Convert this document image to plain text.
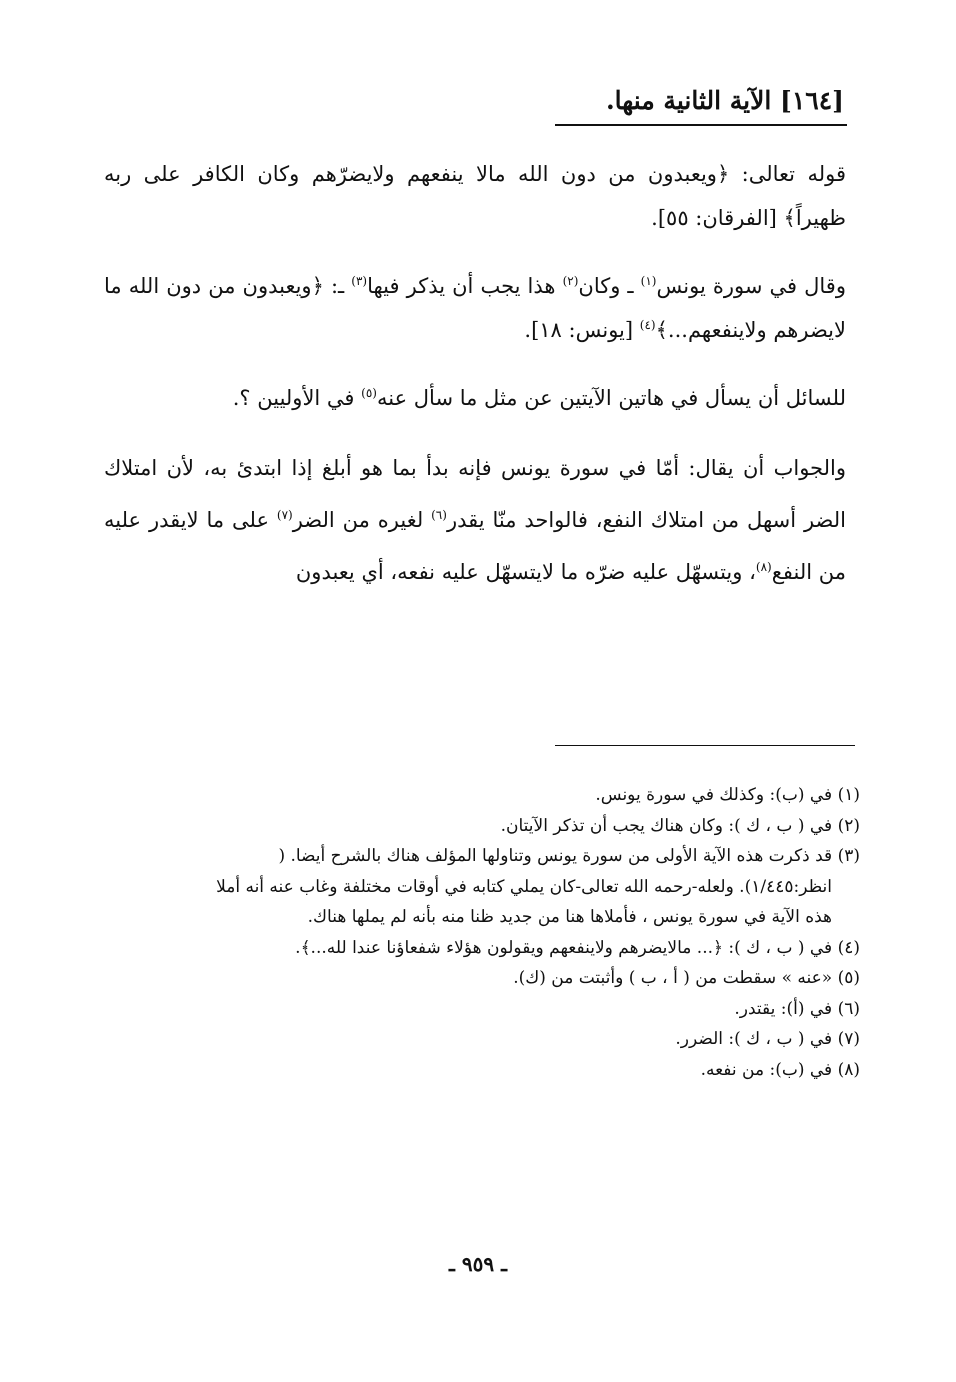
[١٦٤] الآية الثانية منها.

قوله تعالى: ﴿ويعبدون من دون الله مالا ينفعهم ولايضرّهم وكان الكافر على ربه ظهيراً﴾ [الفرقان: ٥٥].

وقال في سورة يونس$^{(١)}$ ـ وكان$^{(٢)}$ هذا يجب أن يذكر فيها$^{(٣)}$ ـ: ﴿ويعبدون من دون الله ما لايضرهم ولاينفعهم...﴾$^{(٤)}$ [يونس: ١٨].

للسائل أن يسأل في هاتين الآيتين عن مثل ما سأل عنه$^{(٥)}$ في الأوليين ؟.

والجواب أن يقال: أمّا في سورة يونس فإنه بدأ بما هو أبلغ إذا ابتدئ به، لأن امتلاك الضر أسهل من امتلاك النفع، فالواحد منّا يقدر$^{(٦)}$ لغيره من الضر$^{(٧)}$ على ما لايقدر عليه من النفع$^{(٨)}$، ويتسهّل عليه ضرّه ما لايتسهّل عليه نفعه، أي يعبدون

(١) في (ب): وكذلك في سورة يونس.

(٢) في ( ب ، ك ): وكان هناك يجب أن تذكر الآيتان.

(٣) قد ذكرت هذه الآية الأولى من سورة يونس وتناولها المؤلف هناك بالشرح أيضا. (

انظر:١/٤٤٥). ولعله-رحمه الله تعالى-كان يملي كتابه في أوقات مختلفة وغاب عنه أنه أملا

هذه الآية في سورة يونس ، فأملاها هنا من جديد ظنا منه بأنه لم يملها هناك.

(٤) في ( ب ، ك ): ﴿... مالايضرهم ولاينفعهم ويقولون هؤلاء شفعاؤنا عندا لله...﴾.

(٥) «عنه » سقطت من ( أ ، ب ) وأثبتت من (ك).

(٦) في (أ): يقتدر.

(٧) في ( ب ، ك ): الضرر.

(٨) في (ب): من نفعه.

ـ ٩٥٩ ـ
